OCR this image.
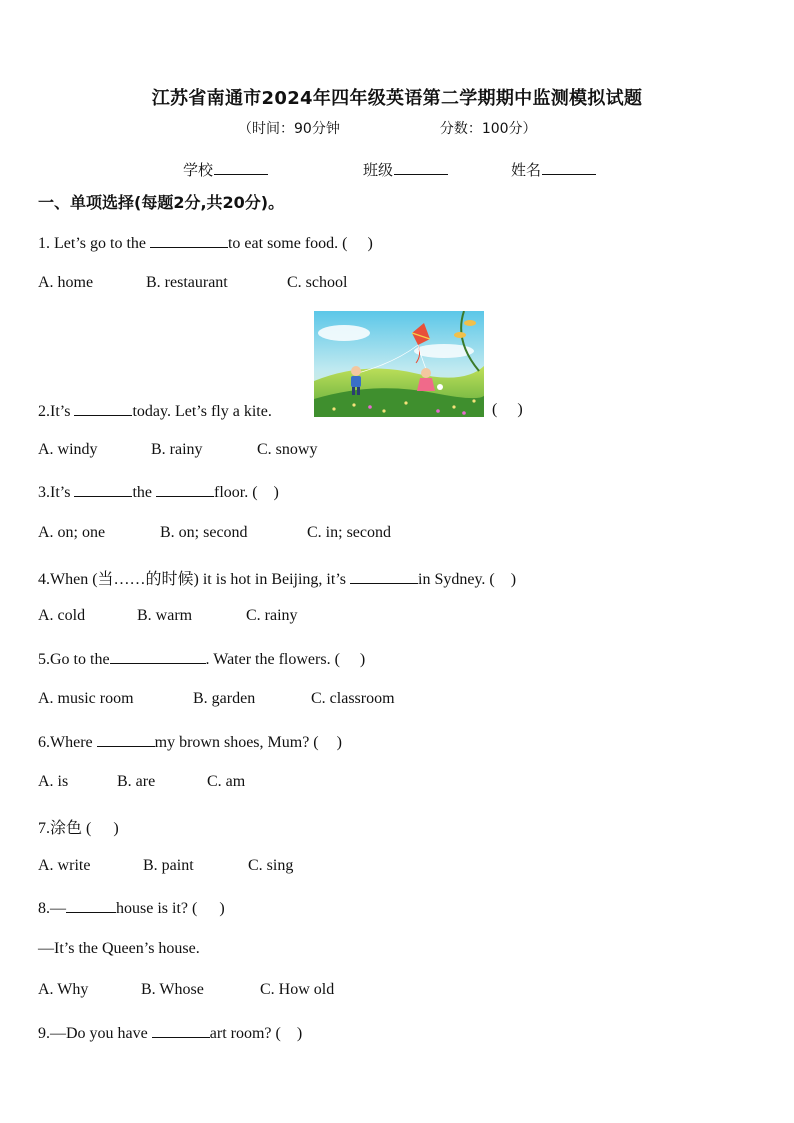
江苏省南通市2024年四年级英语第二学期期中监测模拟试题
（时间：90分钟	分数：100分）
学校	班级	姓名
一、单项选择(每题2分,共20分)。
1. Let’s go to the	to eat some food. ( )
A. home	B. restaurant	C. school
2.It’s	today. Let’s fly a kite.	( )
A. windy	B. rainy	C. snowy
3.It’s	the	floor. ( )
A. on; one	B. on; second	C. in; second
4.When (当……的时候) it is hot in Beijing, it’s	in Sydney. ( )
A. cold	B. warm	C. rainy
5.Go to the	. Water the flowers. ( )
A. music room	B. garden	C. classroom
6.Where	my brown shoes, Mum? ( )
A. is	B. are	C. am
7.涂色 ( )
A. write	B. paint	C. sing
8.—	house is it? ( )
—It’s the Queen’s house.
A. Why	B. Whose	C. How old
9.—Do you have	art room? ( )
